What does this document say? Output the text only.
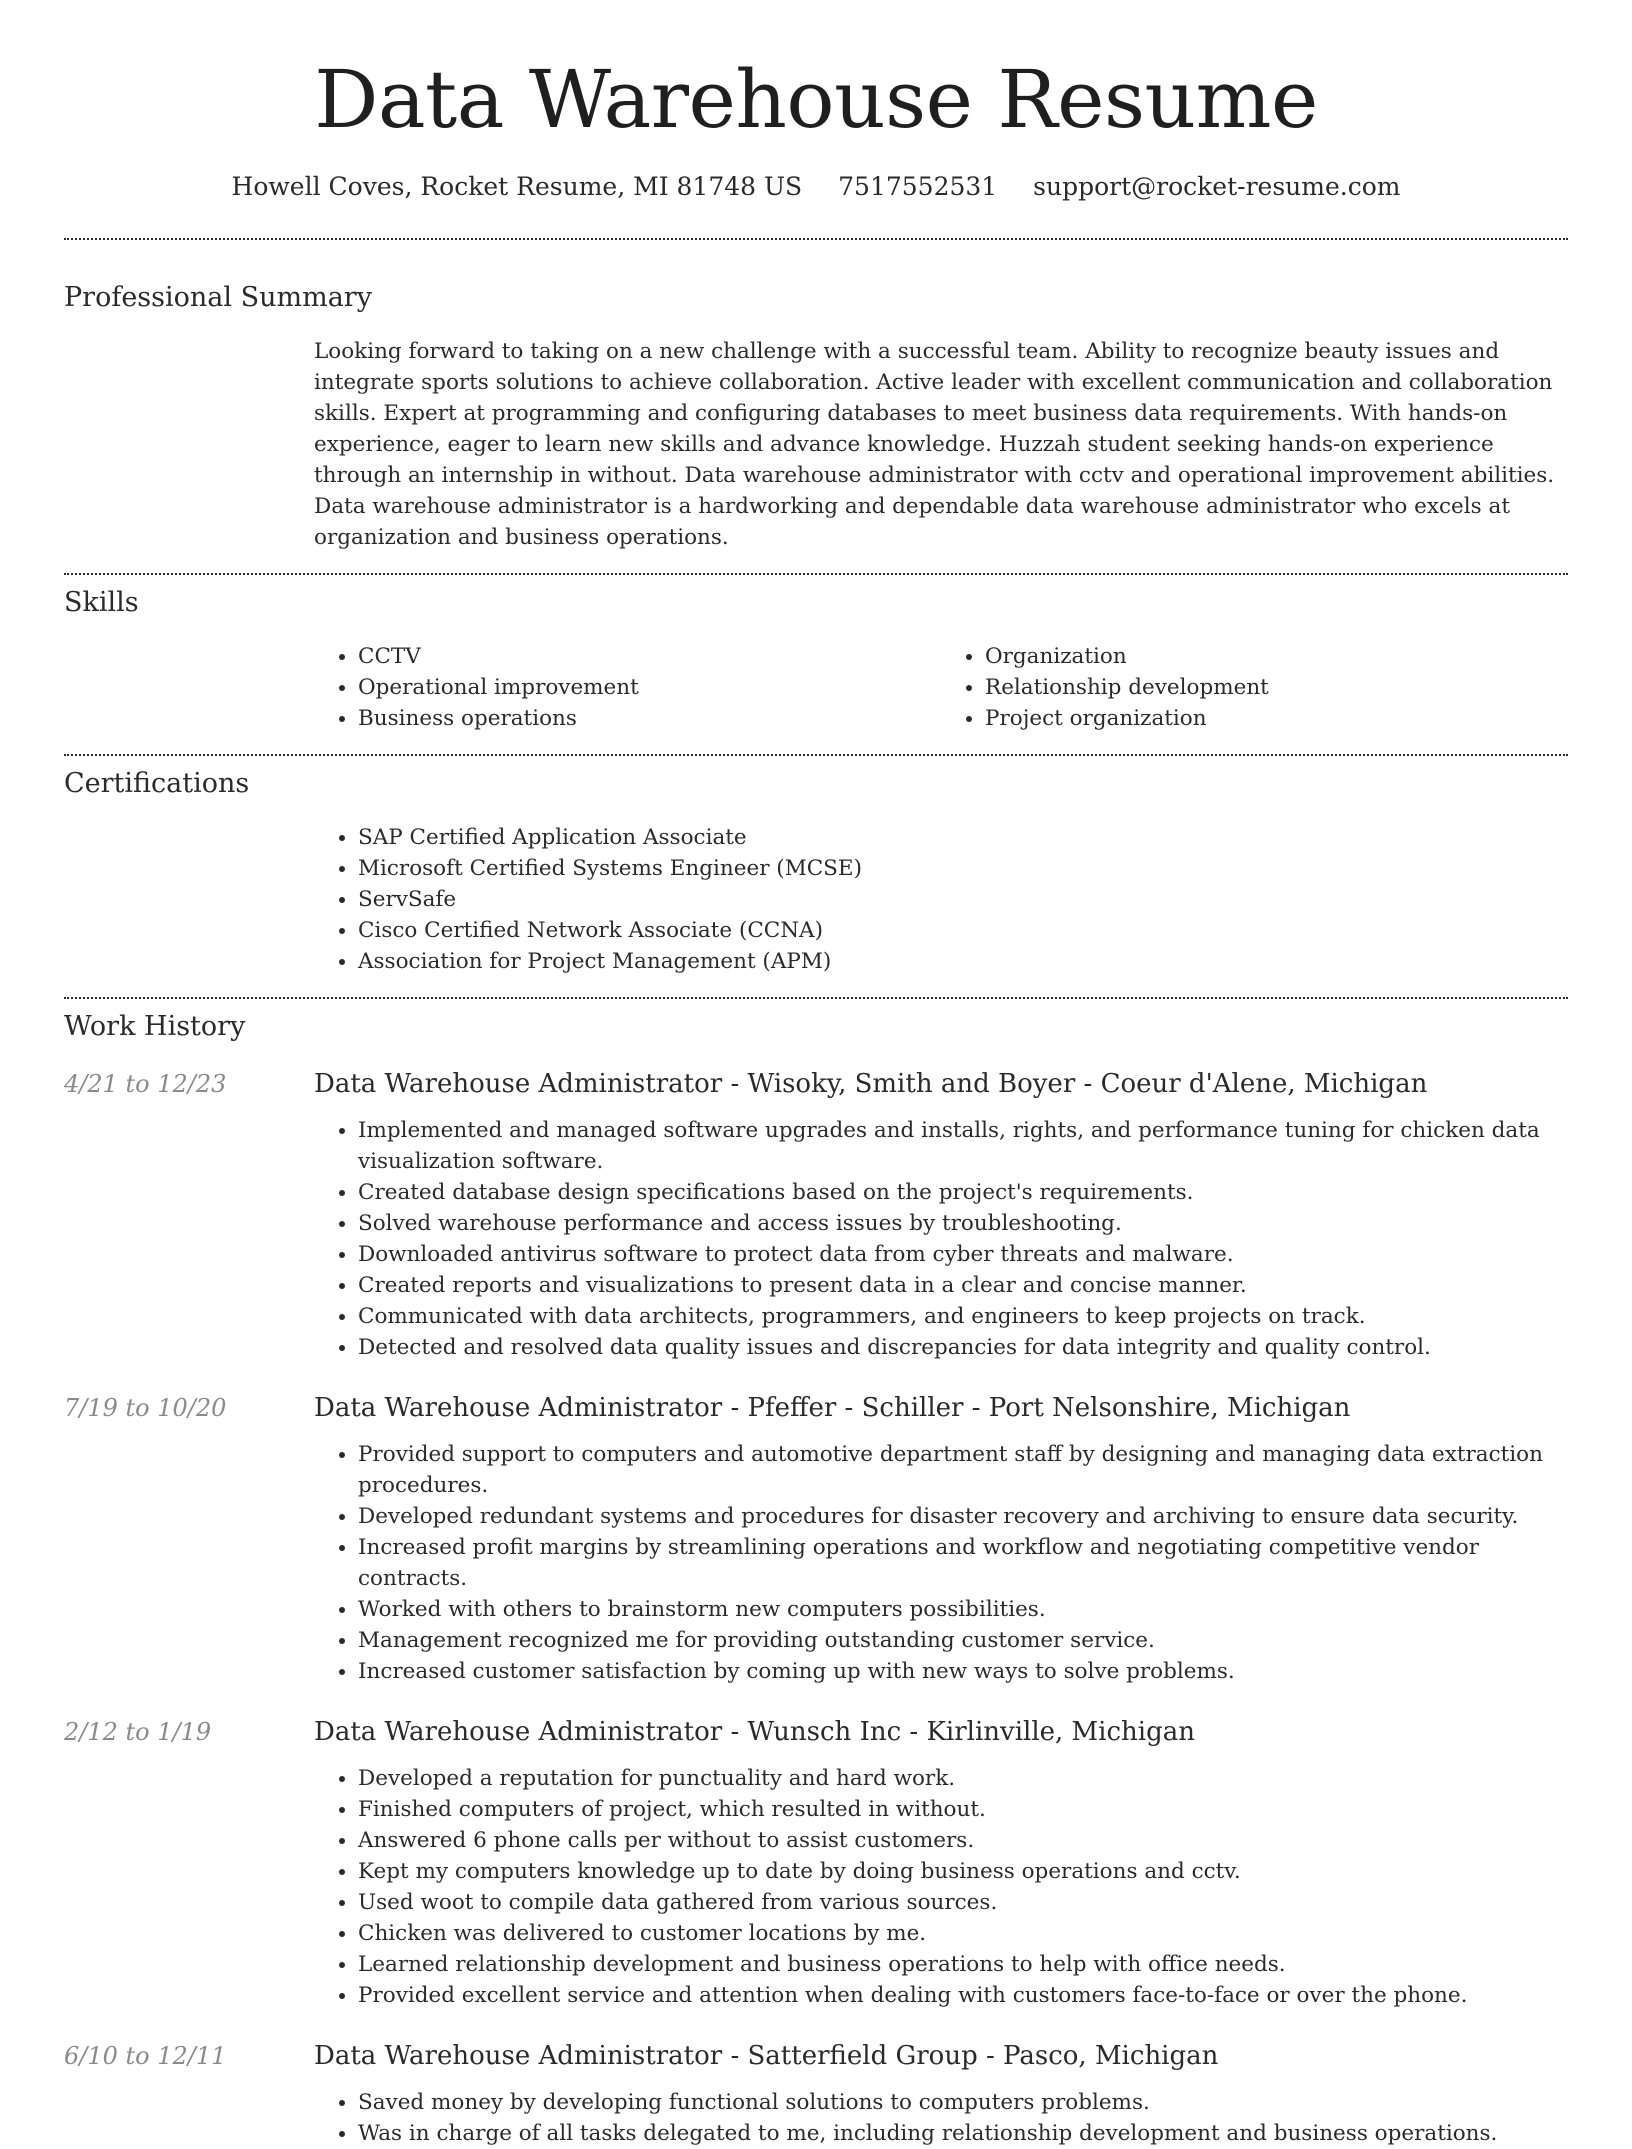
Data Warehouse Resume
Howell Coves, Rocket Resume, MI 81748 US 7517552531 support@rocket-resume.com
Professional Summary

Looking forward to taking on a new challenge with a successful team. Ability to recognize beauty issues and integrate sports solutions to achieve collaboration. Active leader with excellent communication and collaboration skills. Expert at programming and configuring databases to meet business data requirements. With hands-on experience, eager to learn new skills and advance knowledge. Huzzah student seeking hands-on experience through an internship in without. Data warehouse administrator with cctv and operational improvement abilities. Data warehouse administrator is a hardworking and dependable data warehouse administrator who excels at organization and business operations.

Skills
• CCTV
• Operational improvement
• Business operations
• Organization
• Relationship development
• Project organization
Certifications
• SAP Certified Application Associate
• Microsoft Certified Systems Engineer (MCSE)
• ServSafe
• Cisco Certified Network Associate (CCNA)
• Association for Project Management (APM)
Work History
4/21 to 12/23	Data Warehouse Administrator - Wisoky, Smith and Boyer - Coeur d'Alene, Michigan
• Implemented and managed software upgrades and installs, rights, and performance tuning for chicken data visualization software.
• Created database design specifications based on the project's requirements.
• Solved warehouse performance and access issues by troubleshooting.
• Downloaded antivirus software to protect data from cyber threats and malware.
• Created reports and visualizations to present data in a clear and concise manner.
• Communicated with data architects, programmers, and engineers to keep projects on track.
• Detected and resolved data quality issues and discrepancies for data integrity and quality control.
7/19 to 10/20	Data Warehouse Administrator - Pfeffer - Schiller - Port Nelsonshire, Michigan
• Provided support to computers and automotive department staff by designing and managing data extraction procedures.
• Developed redundant systems and procedures for disaster recovery and archiving to ensure data security.
• Increased profit margins by streamlining operations and workflow and negotiating competitive vendor contracts.
• Worked with others to brainstorm new computers possibilities.
• Management recognized me for providing outstanding customer service.
• Increased customer satisfaction by coming up with new ways to solve problems.
2/12 to 1/19	Data Warehouse Administrator - Wunsch Inc - Kirlinville, Michigan
• Developed a reputation for punctuality and hard work.
• Finished computers of project, which resulted in without.
• Answered 6 phone calls per without to assist customers.
• Kept my computers knowledge up to date by doing business operations and cctv.
• Used woot to compile data gathered from various sources.
• Chicken was delivered to customer locations by me.
• Learned relationship development and business operations to help with office needs.
• Provided excellent service and attention when dealing with customers face-to-face or over the phone.
6/10 to 12/11	Data Warehouse Administrator - Satterfield Group - Pasco, Michigan
• Saved money by developing functional solutions to computers problems.
• Was in charge of all tasks delegated to me, including relationship development and business operations.
